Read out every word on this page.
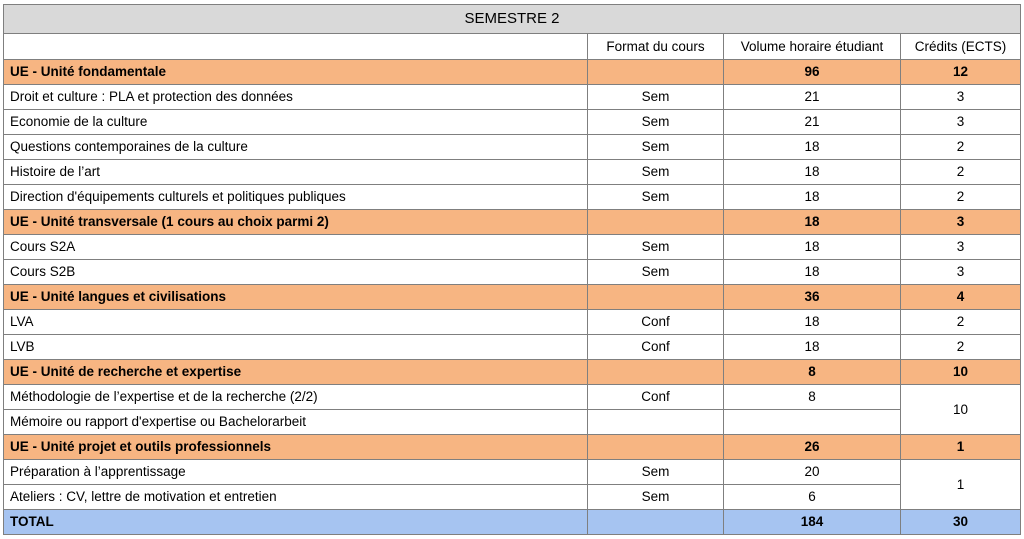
SEMESTRE 2			
	Format du cours	Volume horaire étudiant	Crédits (ECTS)
UE - Unité fondamentale		96	12
Droit et culture : PLA et protection des données	Sem	21	3
Economie de la culture	Sem	21	3
Questions contemporaines de la culture	Sem	18	2
Histoire de l’art	Sem	18	2
Direction d'équipements culturels et politiques publiques	Sem	18	2
UE - Unité transversale (1 cours au choix parmi 2)		18	3
Cours S2A	Sem	18	3
Cours S2B	Sem	18	3
UE - Unité langues et civilisations		36	4
LVA	Conf	18	2
LVB	Conf	18	2
UE - Unité de recherche et expertise		8	10
Méthodologie de l’expertise et de la recherche (2/2)	Conf	8	10
Mémoire ou rapport d'expertise ou Bachelorarbeit			
UE - Unité projet et outils professionnels		26	1
Préparation à l’apprentissage	Sem	20	1
Ateliers : CV, lettre de motivation et entretien	Sem	6	
TOTAL		184	30
